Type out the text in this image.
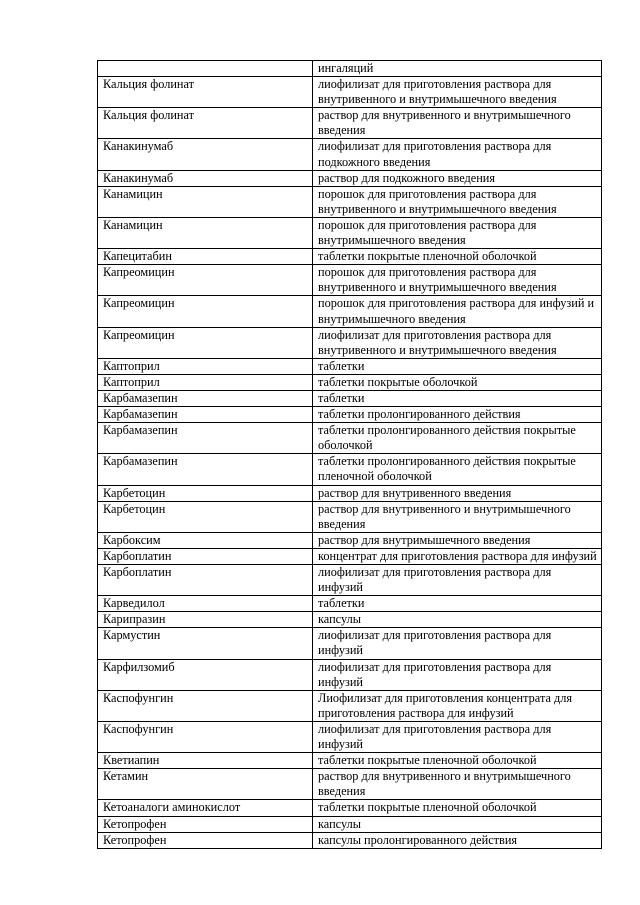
	ингаляций
Кальция фолинат	лиофилизат для приготовления раствора для внутривенного и внутримышечного введения
Кальция фолинат	раствор для внутривенного и внутримышечного введения
Канакинумаб	лиофилизат для приготовления раствора для подкожного введения
Канакинумаб	раствор для подкожного введения
Канамицин	порошок для приготовления раствора для внутривенного и внутримышечного введения
Канамицин	порошок для приготовления раствора для внутримышечного введения
Капецитабин	таблетки покрытые пленочной оболочкой
Капреомицин	порошок для приготовления раствора для внутривенного и внутримышечного введения
Капреомицин	порошок для приготовления раствора для инфузий и внутримышечного введения
Капреомицин	лиофилизат для приготовления раствора для внутривенного и внутримышечного введения
Каптоприл	таблетки
Каптоприл	таблетки покрытые оболочкой
Карбамазепин	таблетки
Карбамазепин	таблетки пролонгированного действия
Карбамазепин	таблетки пролонгированного действия покрытые оболочкой
Карбамазепин	таблетки пролонгированного действия покрытые пленочной оболочкой
Карбетоцин	раствор для внутривенного введения
Карбетоцин	раствор для внутривенного и внутримышечного введения
Карбоксим	раствор для внутримышечного введения
Карбоплатин	концентрат для приготовления раствора для инфузий
Карбоплатин	лиофилизат для приготовления раствора для инфузий
Карведилол	таблетки
Карипразин	капсулы
Кармустин	лиофилизат для приготовления раствора для инфузий
Карфилзомиб	лиофилизат для приготовления раствора для инфузий
Каспофунгин	Лиофилизат для приготовления концентрата для приготовления раствора для инфузий
Каспофунгин	лиофилизат для приготовления раствора для инфузий
Кветиапин	таблетки покрытые пленочной оболочкой
Кетамин	раствор для внутривенного и внутримышечного введения
Кетоаналоги аминокислот	таблетки покрытые пленочной оболочкой
Кетопрофен	капсулы
Кетопрофен	капсулы пролонгированного действия
